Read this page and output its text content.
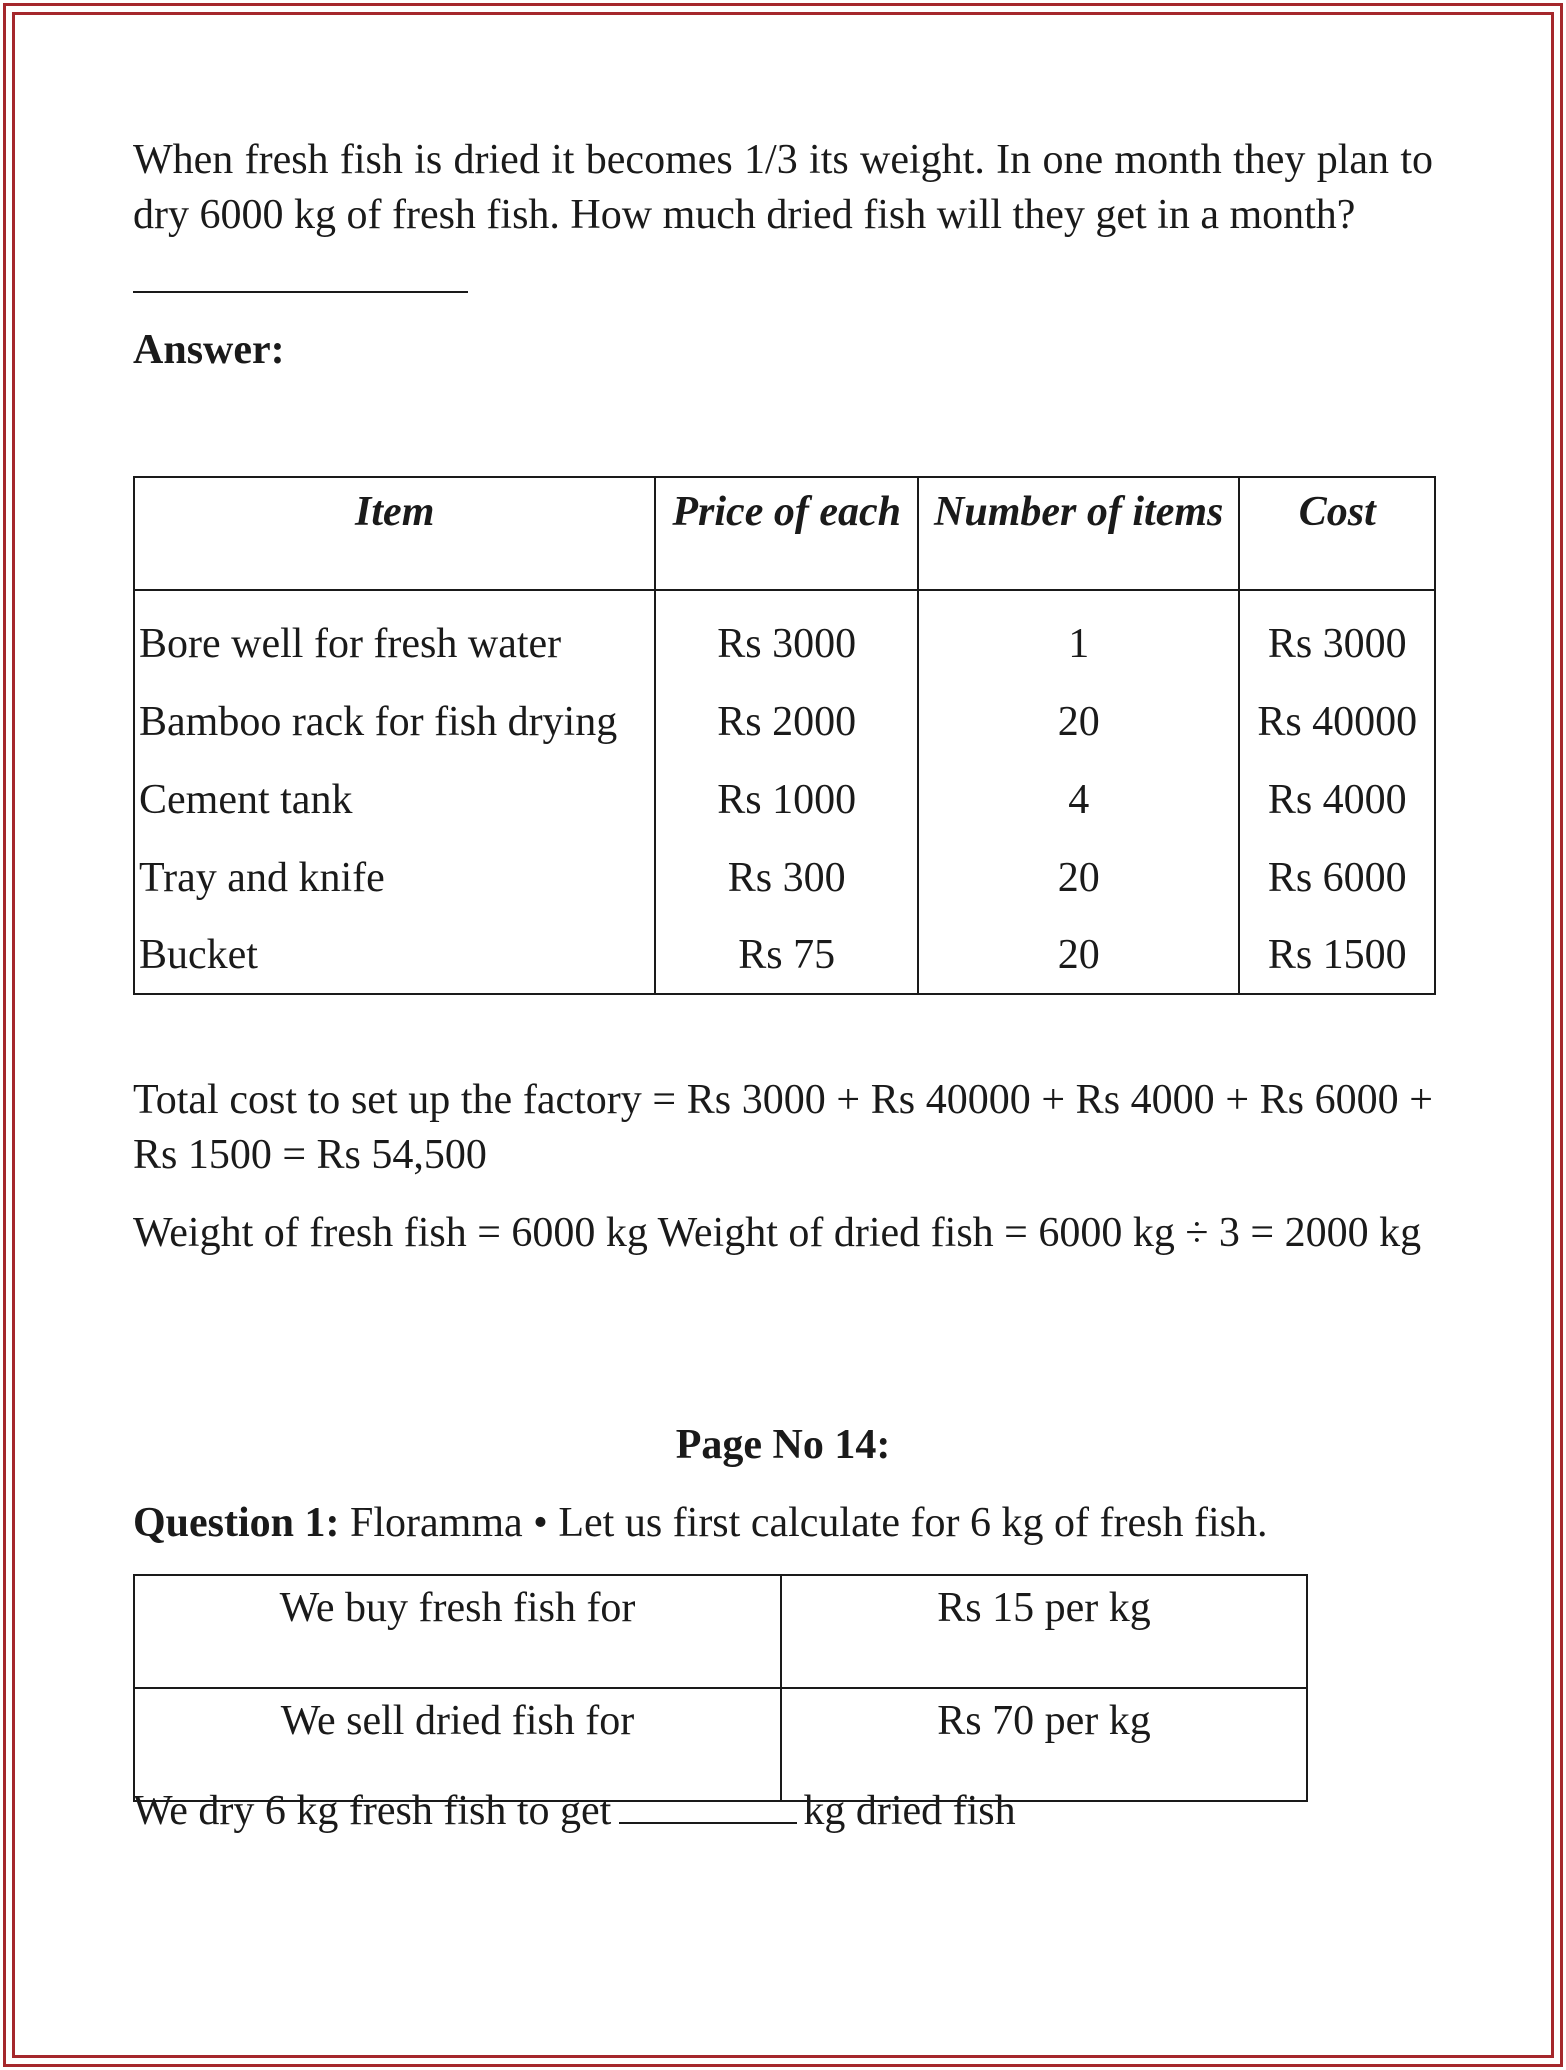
When fresh fish is dried it becomes 1/3 its weight. In one month they plan to dry 6000 kg of fresh fish. How much dried fish will they get in a month?

Answer:

Item	Price of each	Number of items	Cost
Bore well for fresh water	Rs 3000	1	Rs 3000
Bamboo rack for fish drying	Rs 2000	20	Rs 40000
Cement tank	Rs 1000	4	Rs 4000
Tray and knife	Rs 300	20	Rs 6000
Bucket	Rs 75	20	Rs 1500

Total cost to set up the factory = Rs 3000 + Rs 40000 + Rs 4000 + Rs 6000 + Rs 1500 = Rs 54,500

Weight of fresh fish = 6000 kg Weight of dried fish = 6000 kg ÷ 3 = 2000 kg

Page No 14:

Question 1: Floramma • Let us first calculate for 6 kg of fresh fish.

We buy fresh fish for	Rs 15 per kg
We sell dried fish for	Rs 70 per kg

We dry 6 kg fresh fish to get	kg dried fish
